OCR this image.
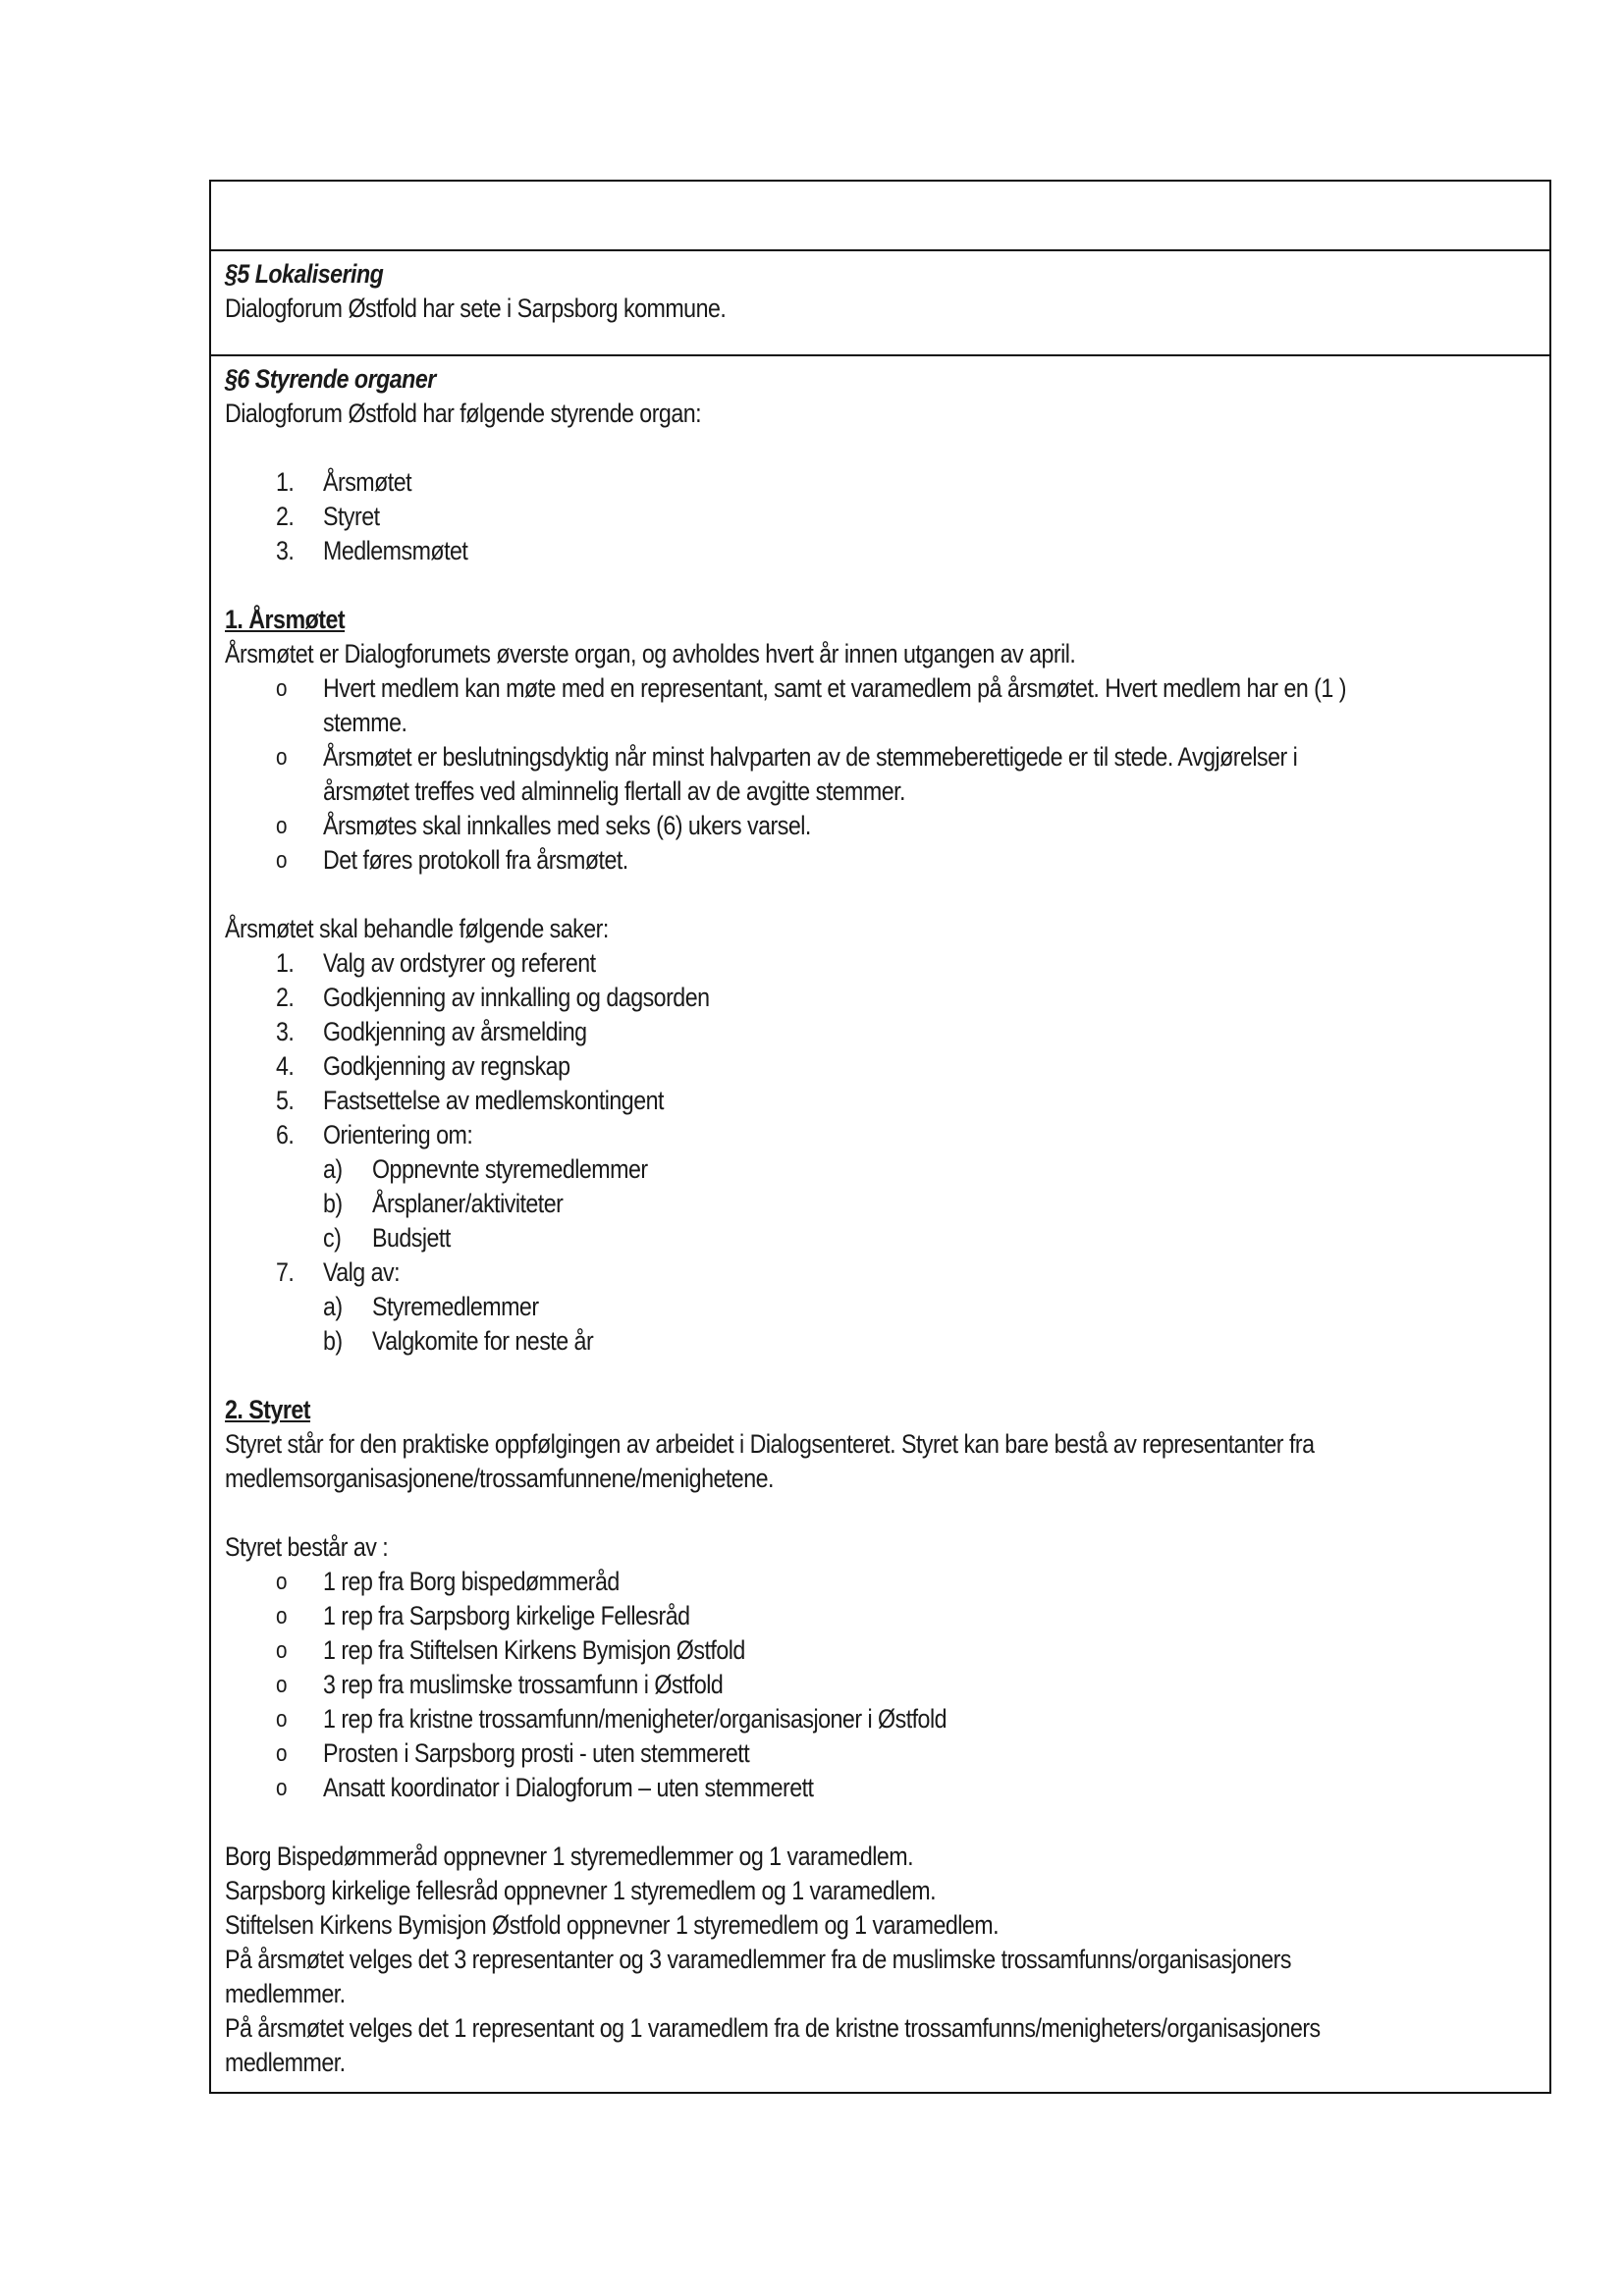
§5 Lokalisering

Dialogforum Østfold har sete i Sarpsborg kommune.

§6 Styrende organer

Dialogforum Østfold har følgende styrende organ:

1. Årsmøtet
2. Styret
3. Medlemsmøtet

1. Årsmøtet

Årsmøtet er Dialogforumets øverste organ, og avholdes hvert år innen utgangen av april.

o Hvert medlem kan møte med en representant, samt et varamedlem på årsmøtet. Hvert medlem har en (1 )
stemme.
o Årsmøtet er beslutningsdyktig når minst halvparten av de stemmeberettigede er til stede. Avgjørelser i
årsmøtet treffes ved alminnelig flertall av de avgitte stemmer.
o Årsmøtes skal innkalles med seks (6) ukers varsel.
o Det føres protokoll fra årsmøtet.

Årsmøtet skal behandle følgende saker:

1. Valg av ordstyrer og referent
2. Godkjenning av innkalling og dagsorden
3. Godkjenning av årsmelding
4. Godkjenning av regnskap
5. Fastsettelse av medlemskontingent
6. Orientering om:
a) Oppnevnte styremedlemmer
b) Årsplaner/aktiviteter
c) Budsjett
7. Valg av:
a) Styremedlemmer
b) Valgkomite for neste år

2. Styret

Styret står for den praktiske oppfølgingen av arbeidet i Dialogsenteret. Styret kan bare bestå av representanter fra

medlemsorganisasjonene/trossamfunnene/menighetene.

Styret består av :

o 1 rep fra Borg bispedømmeråd
o 1 rep fra Sarpsborg kirkelige Fellesråd
o 1 rep fra Stiftelsen Kirkens Bymisjon Østfold
o 3 rep fra muslimske trossamfunn i Østfold
o 1 rep fra kristne trossamfunn/menigheter/organisasjoner i Østfold
o Prosten i Sarpsborg prosti - uten stemmerett
o Ansatt koordinator i Dialogforum – uten stemmerett

Borg Bispedømmeråd oppnevner 1 styremedlemmer og 1 varamedlem.

Sarpsborg kirkelige fellesråd oppnevner 1 styremedlem og 1 varamedlem.

Stiftelsen Kirkens Bymisjon Østfold oppnevner 1 styremedlem og 1 varamedlem.

På årsmøtet velges det 3 representanter og 3 varamedlemmer fra de muslimske trossamfunns/organisasjoners

medlemmer.

På årsmøtet velges det 1 representant og 1 varamedlem fra de kristne trossamfunns/menigheters/organisasjoners

medlemmer.
